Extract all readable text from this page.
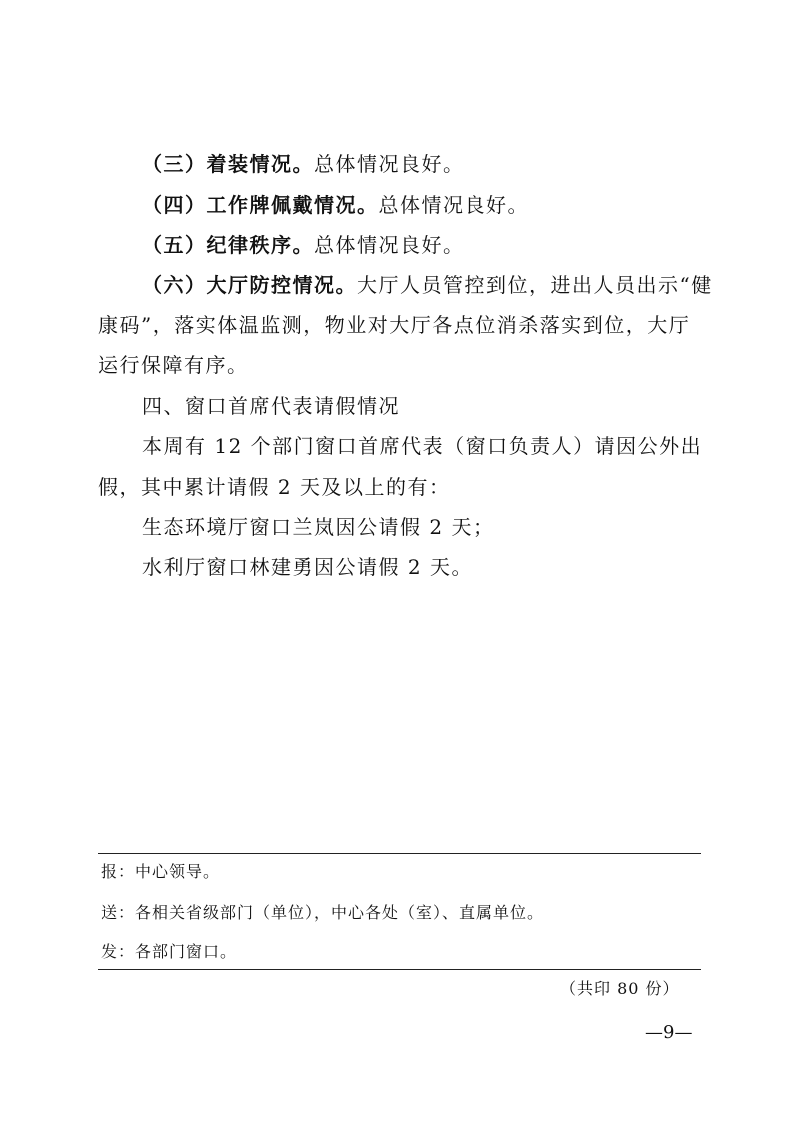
（三）着装情况。总体情况良好。
（四）工作牌佩戴情况。总体情况良好。
（五）纪律秩序。总体情况良好。
（六）大厅防控情况。大厅人员管控到位，进出人员出示“健
康码”，落实体温监测，物业对大厅各点位消杀落实到位，大厅
运行保障有序。
四、窗口首席代表请假情况
本周有 12 个部门窗口首席代表（窗口负责人）请因公外出
假，其中累计请假 2 天及以上的有：
生态环境厅窗口兰岚因公请假 2 天；
水利厅窗口林建勇因公请假 2 天。
报：中心领导。
送：各相关省级部门（单位），中心各处（室）、直属单位。
发：各部门窗口。
（共印 80 份）
—9—
